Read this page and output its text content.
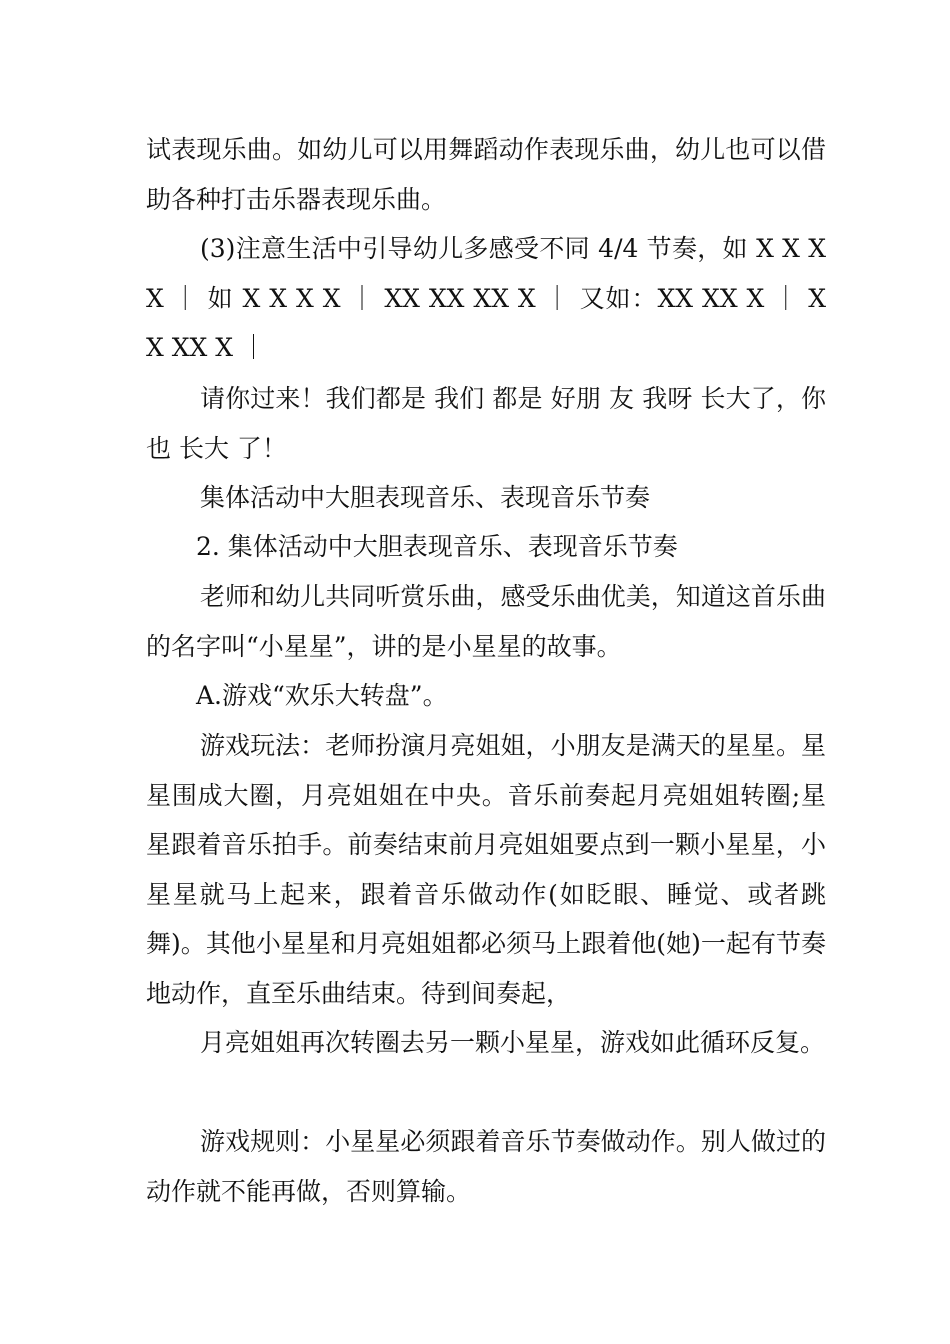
试表现乐曲。如幼儿可以用舞蹈动作表现乐曲，幼儿也可以借助各种打击乐器表现乐曲。

(3)注意生活中引导幼儿多感受不同 4/4 节奏，如 X X X X ｜ 如 X X X X ｜ XX XX XX X ｜ 又如：XX XX X ｜ X X XX X ｜

请你过来！我们都是 我们 都是 好朋 友 我呀 长大了，你 也 长大 了！

集体活动中大胆表现音乐、表现音乐节奏

2. 集体活动中大胆表现音乐、表现音乐节奏

老师和幼儿共同听赏乐曲，感受乐曲优美，知道这首乐曲的名字叫“小星星”，讲的是小星星的故事。

A.游戏“欢乐大转盘”。

游戏玩法：老师扮演月亮姐姐，小朋友是满天的星星。星星围成大圈，月亮姐姐在中央。音乐前奏起月亮姐姐转圈;星星跟着音乐拍手。前奏结束前月亮姐姐要点到一颗小星星，小星星就马上起来，跟着音乐做动作(如眨眼、睡觉、或者跳舞)。其他小星星和月亮姐姐都必须马上跟着他(她)一起有节奏地动作，直至乐曲结束。待到间奏起，

月亮姐姐再次转圈去另一颗小星星，游戏如此循环反复。

游戏规则：小星星必须跟着音乐节奏做动作。别人做过的动作就不能再做，否则算输。
